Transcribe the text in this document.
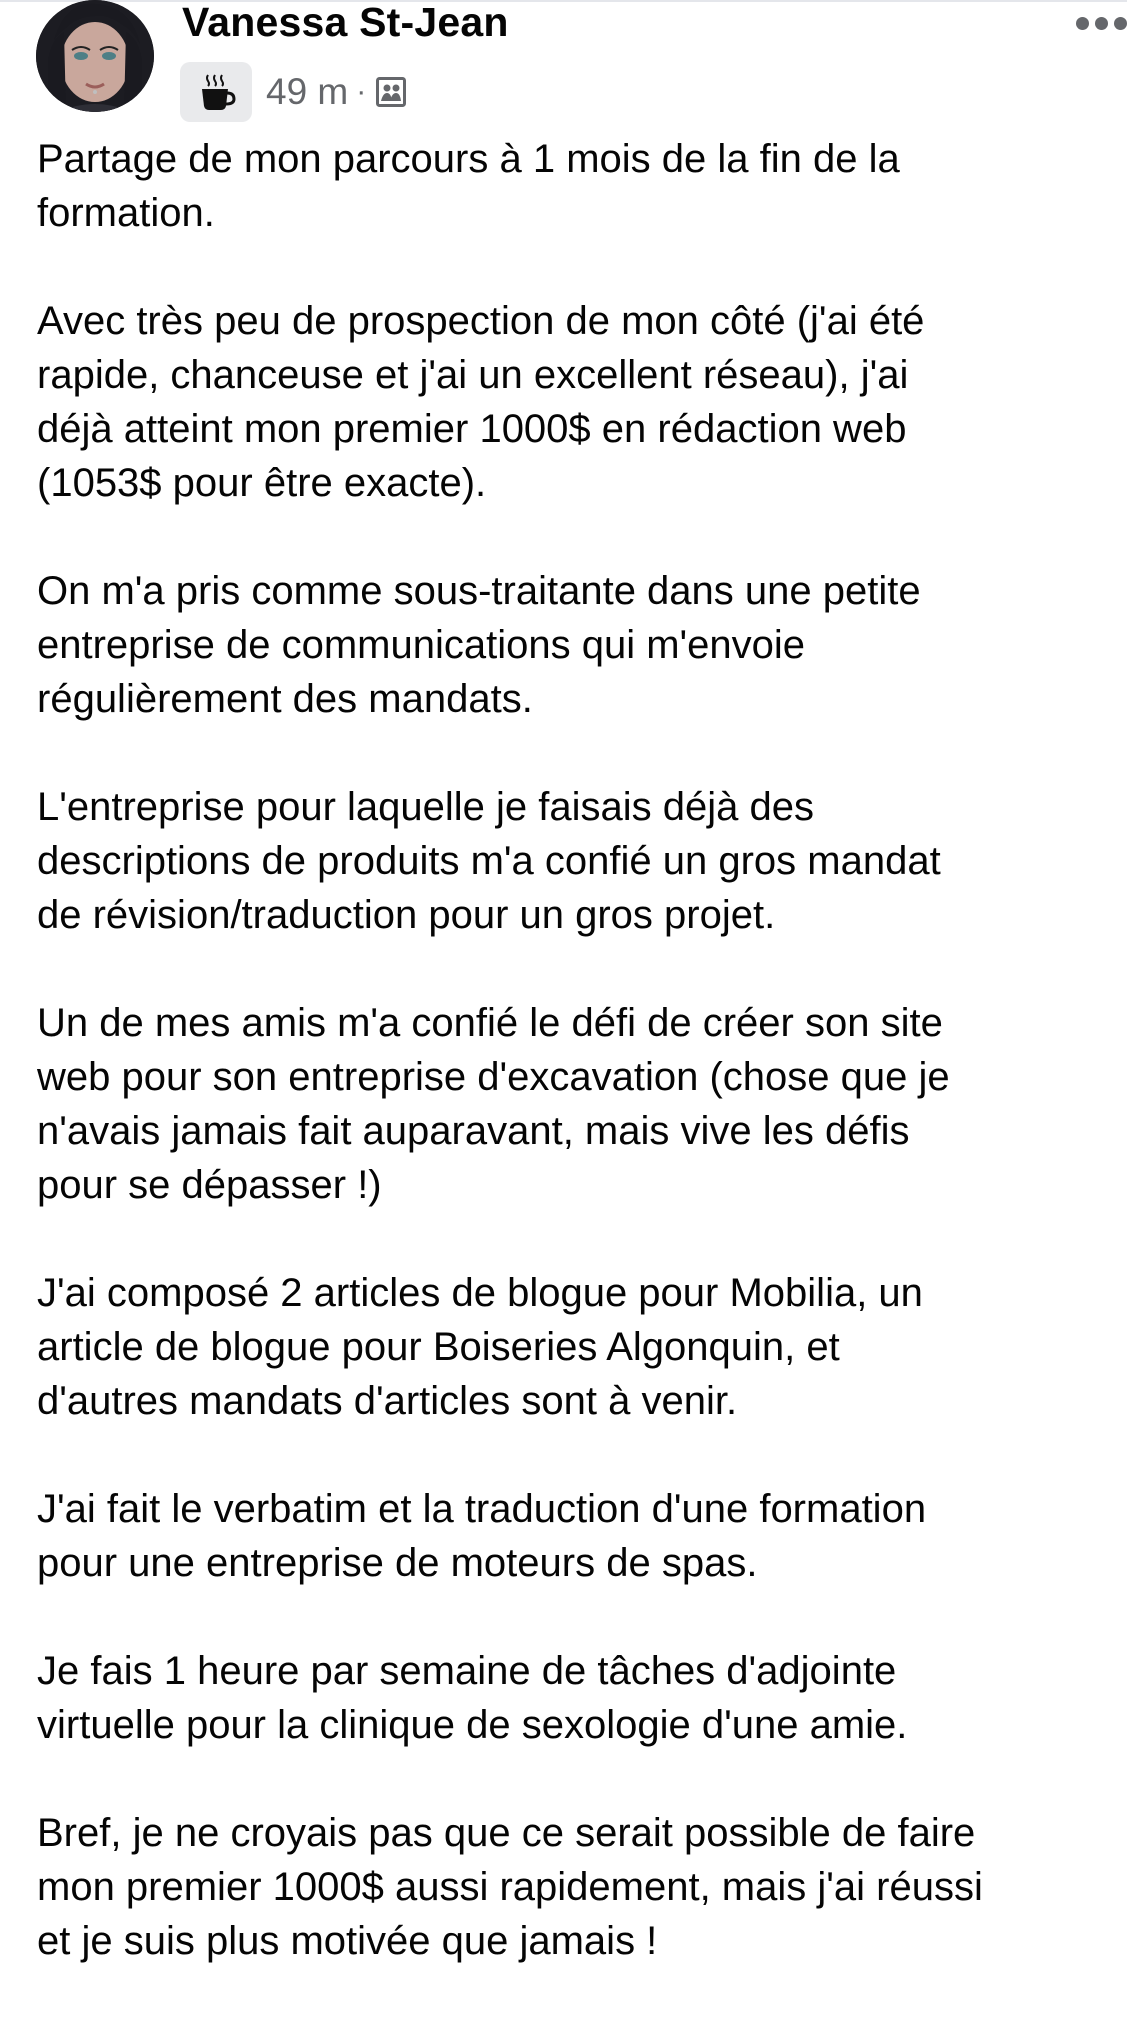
Vanessa St-Jean
49 m ·

Partage de mon parcours à 1 mois de la fin de la
formation.

Avec très peu de prospection de mon côté (j'ai été
rapide, chanceuse et j'ai un excellent réseau), j'ai
déjà atteint mon premier 1000$ en rédaction web
(1053$ pour être exacte).

On m'a pris comme sous-traitante dans une petite
entreprise de communications qui m'envoie
régulièrement des mandats.

L'entreprise pour laquelle je faisais déjà des
descriptions de produits m'a confié un gros mandat
de révision/traduction pour un gros projet.

Un de mes amis m'a confié le défi de créer son site
web pour son entreprise d'excavation (chose que je
n'avais jamais fait auparavant, mais vive les défis
pour se dépasser !)

J'ai composé 2 articles de blogue pour Mobilia, un
article de blogue pour Boiseries Algonquin, et
d'autres mandats d'articles sont à venir.

J'ai fait le verbatim et la traduction d'une formation
pour une entreprise de moteurs de spas.

Je fais 1 heure par semaine de tâches d'adjointe
virtuelle pour la clinique de sexologie d'une amie.

Bref, je ne croyais pas que ce serait possible de faire
mon premier 1000$ aussi rapidement, mais j'ai réussi
et je suis plus motivée que jamais !
